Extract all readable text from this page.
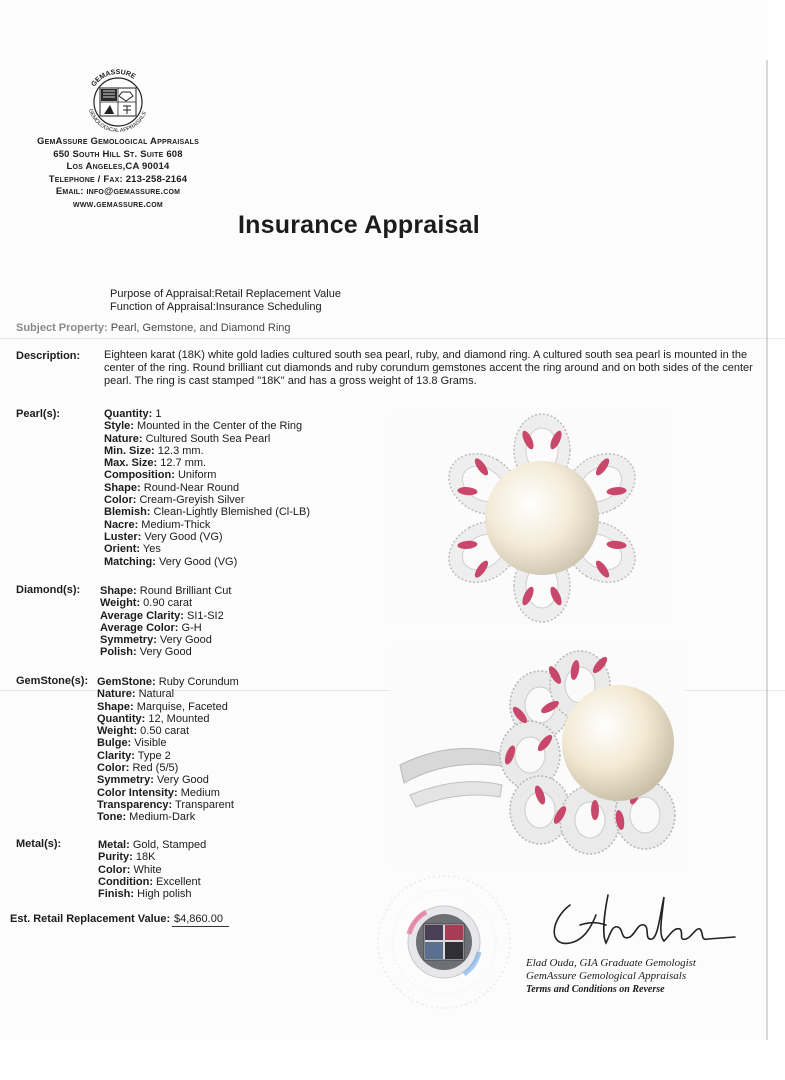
GEMASSURE
GEMOLOGICAL APPRAISALS
GemAssure Gemological Appraisals
650 South Hill St. Suite 608
Los Angeles,CA 90014
Telephone / Fax: 213-258-2164
Email: info@gemassure.com
www.gemassure.com
Insurance Appraisal
Purpose of Appraisal:Retail Replacement Value
Function of Appraisal:Insurance Scheduling
Subject Property: Pearl, Gemstone, and Diamond Ring
Description: Eighteen karat (18K) white gold ladies cultured south sea pearl, ruby, and diamond ring. A cultured south sea pearl is mounted in the center of the ring. Round brilliant cut diamonds and ruby corundum gemstones accent the ring around and on both sides of the center pearl. The ring is cast stamped "18K" and has a gross weight of 13.8 Grams.
Pearl(s):	Quantity: 1
Style: Mounted in the Center of the Ring
Nature: Cultured South Sea Pearl
Min. Size: 12.3 mm.
Max. Size: 12.7 mm.
Composition: Uniform
Shape: Round-Near Round
Color: Cream-Greyish Silver
Blemish: Clean-Lightly Blemished (Cl-LB)
Nacre: Medium-Thick
Luster: Very Good (VG)
Orient: Yes
Matching: Very Good (VG)
Diamond(s): Shape: Round Brilliant Cut
Weight: 0.90 carat
Average Clarity: SI1-SI2
Average Color: G-H
Symmetry: Very Good
Polish: Very Good
GemStone(s): GemStone: Ruby Corundum
Nature: Natural
Shape: Marquise, Faceted
Quantity: 12, Mounted
Weight: 0.50 carat
Bulge: Visible
Clarity: Type 2
Color: Red (5/5)
Symmetry: Very Good
Color Intensity: Medium
Transparency: Transparent
Tone: Medium-Dark
Metal(s):	Metal: Gold, Stamped
Purity: 18K
Color: White
Condition: Excellent
Finish: High polish
Est. Retail Replacement Value: $4,860.00
Elad Ouda, GIA Graduate Gemologist
GemAssure Gemological Appraisals
Terms and Conditions on Reverse
